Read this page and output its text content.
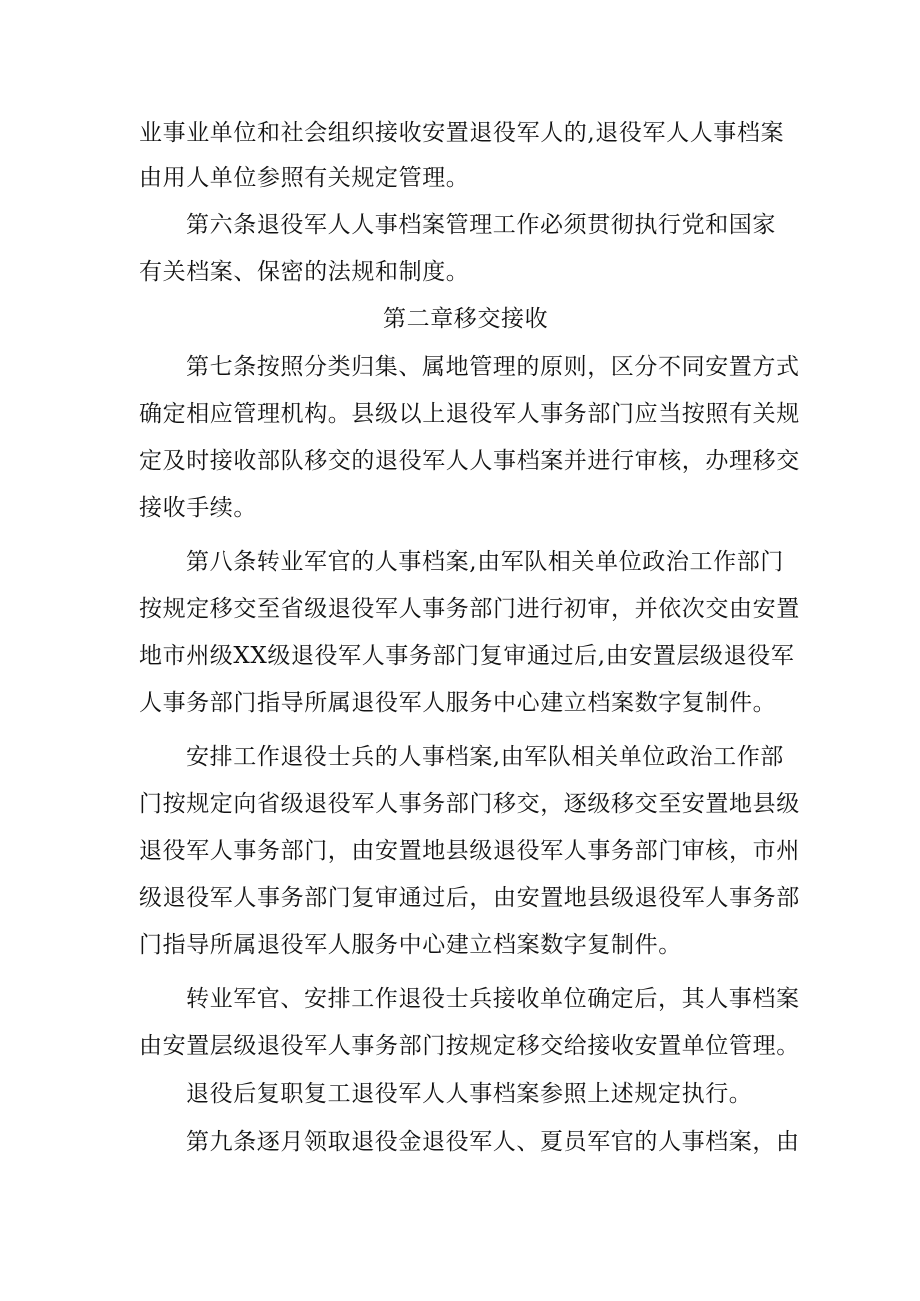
业事业单位和社会组织接收安置退役军人的,退役军人人事档案
由用人单位参照有关规定管理。
第六条退役军人人事档案管理工作必须贯彻执行党和国家
有关档案、保密的法规和制度。
第二章移交接收
第七条按照分类归集、属地管理的原则，区分不同安置方式
确定相应管理机构。县级以上退役军人事务部门应当按照有关规
定及时接收部队移交的退役军人人事档案并进行审核，办理移交
接收手续。
第八条转业军官的人事档案,由军队相关单位政治工作部门
按规定移交至省级退役军人事务部门进行初审，并依次交由安置
地市州级XX级退役军人事务部门复审通过后,由安置层级退役军
人事务部门指导所属退役军人服务中心建立档案数字复制件。
安排工作退役士兵的人事档案,由军队相关单位政治工作部
门按规定向省级退役军人事务部门移交，逐级移交至安置地县级
退役军人事务部门，由安置地县级退役军人事务部门审核，市州
级退役军人事务部门复审通过后，由安置地县级退役军人事务部
门指导所属退役军人服务中心建立档案数字复制件。
转业军官、安排工作退役士兵接收单位确定后，其人事档案
由安置层级退役军人事务部门按规定移交给接收安置单位管理。
退役后复职复工退役军人人事档案参照上述规定执行。
第九条逐月领取退役金退役军人、夏员军官的人事档案，由
